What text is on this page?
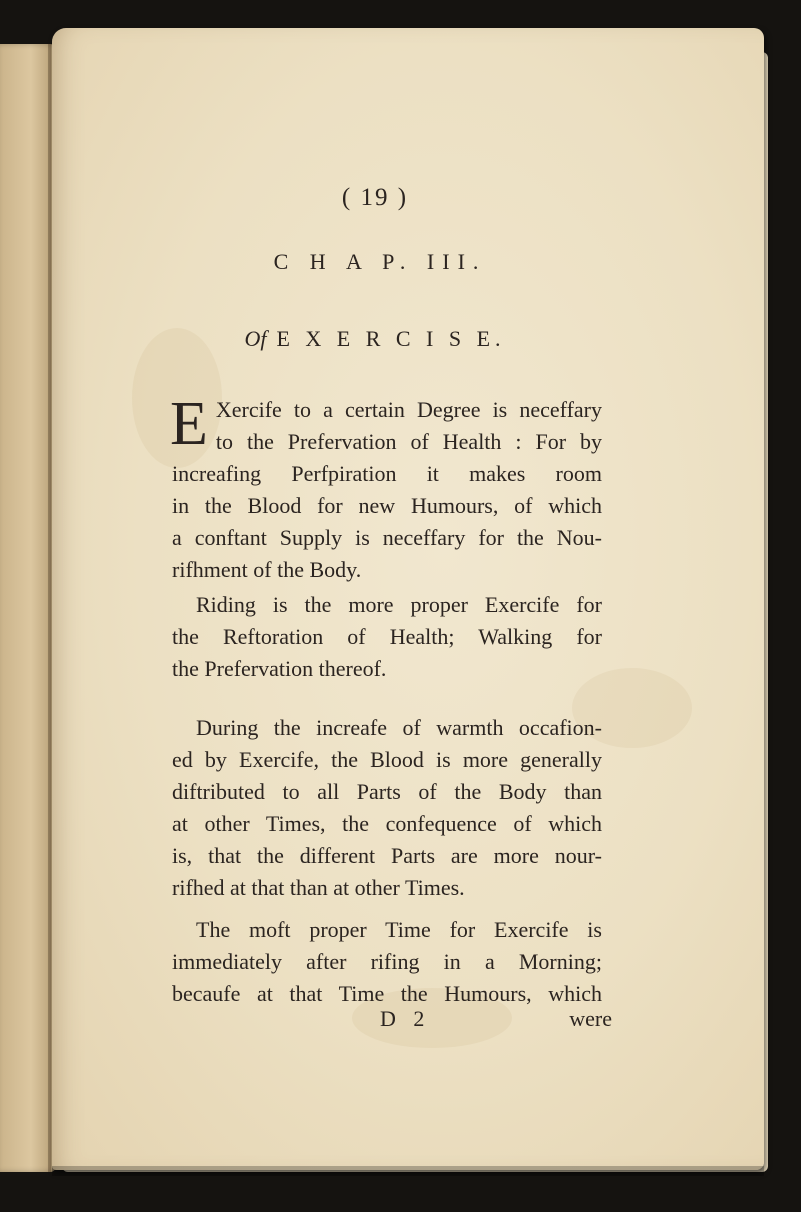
( 19 )
C H A P. III.
Of E X E R C I S E.
E Xercife to a certain Degree is neceffary
to the Prefervation of Health : For by
increafing Perfpiration it makes room
in the Blood for new Humours, of which
a conftant Supply is neceffary for the Nou-
rifhment of the Body.
Riding is the more proper Exercife for
the Reftoration of Health; Walking for
the Prefervation thereof.
During the increafe of warmth occafion-
ed by Exercife, the Blood is more generally
diftributed to all Parts of the Body than
at other Times, the confequence of which
is, that the different Parts are more nour-
rifhed at that than at other Times.
The moft proper Time for Exercife is
immediately after rifing in a Morning;
becaufe at that Time the Humours, which
D 2	were
